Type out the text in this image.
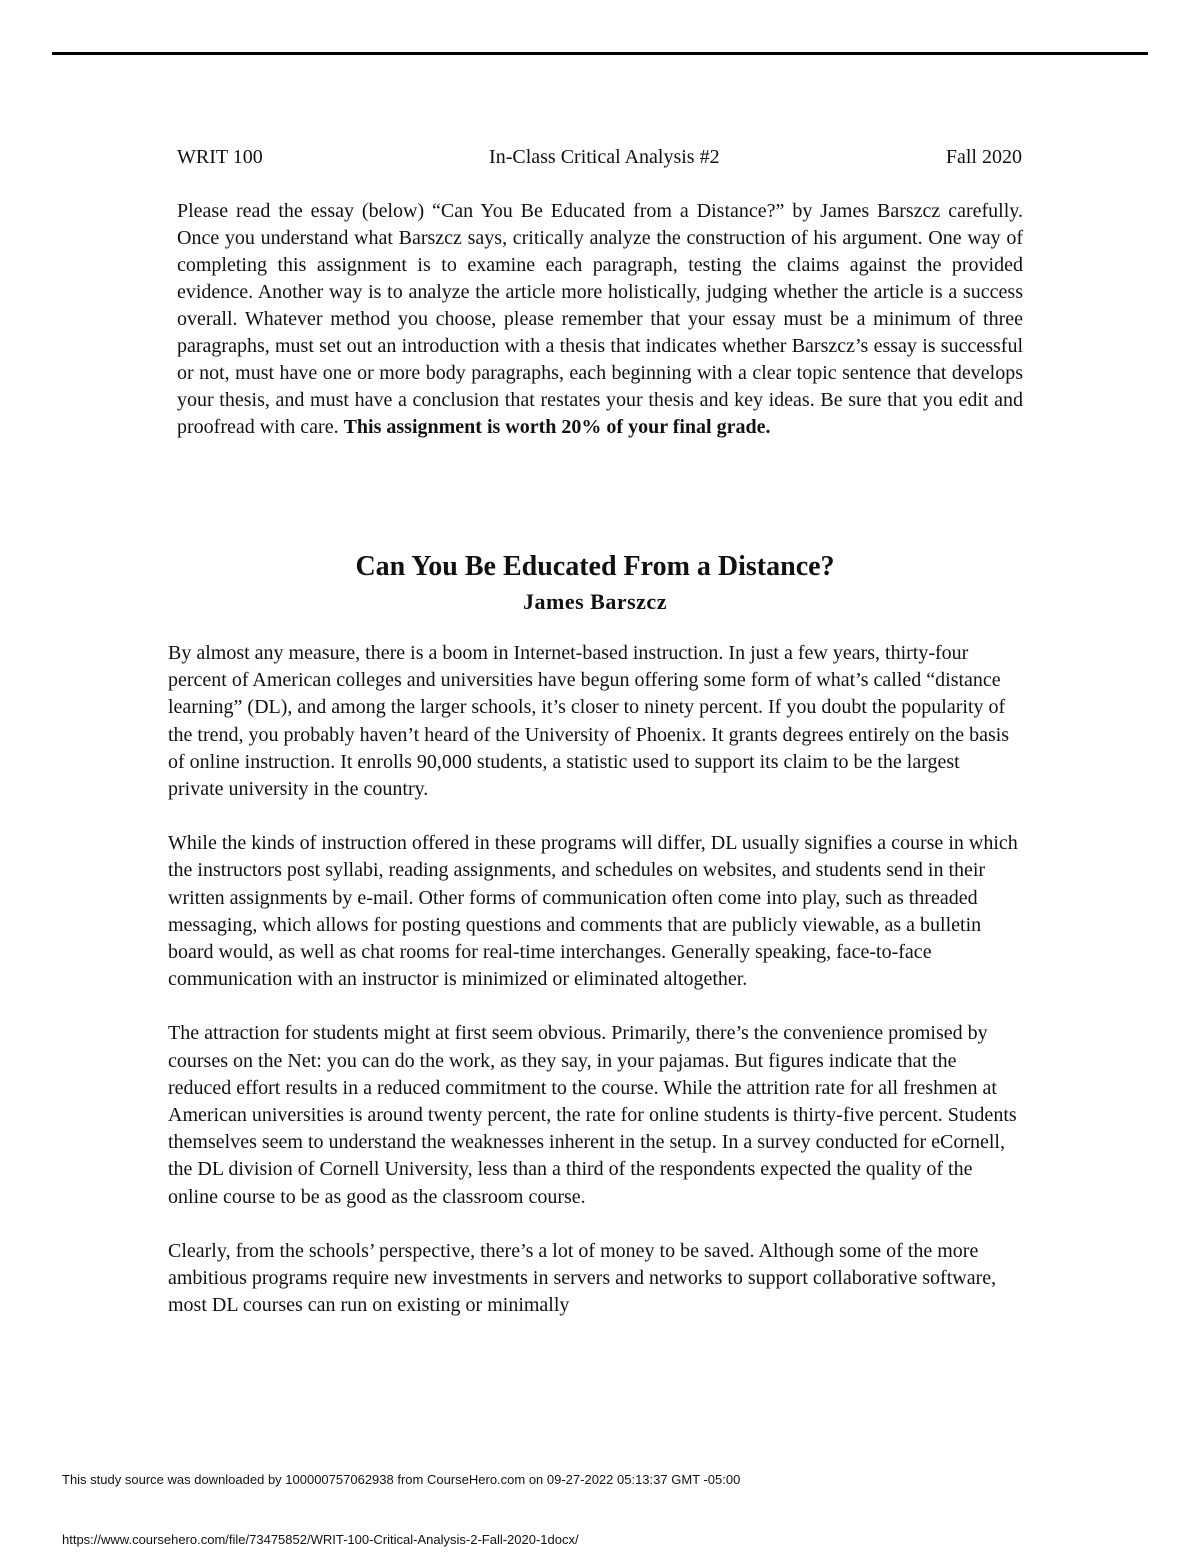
WRIT 100	In-Class Critical Analysis #2	Fall 2020

Please read the essay (below) “Can You Be Educated from a Distance?” by James Barszcz carefully. Once you understand what Barszcz says, critically analyze the construction of his argument. One way of completing this assignment is to examine each paragraph, testing the claims against the provided evidence. Another way is to analyze the article more holistically, judging whether the article is a success overall. Whatever method you choose, please remember that your essay must be a minimum of three paragraphs, must set out an introduction with a thesis that indicates whether Barszcz’s essay is successful or not, must have one or more body paragraphs, each beginning with a clear topic sentence that develops your thesis, and must have a conclusion that restates your thesis and key ideas. Be sure that you edit and proofread with care. This assignment is worth 20% of your final grade.

Can You Be Educated From a Distance?
James Barszcz

By almost any measure, there is a boom in Internet-based instruction. In just a few years, thirty-four percent of American colleges and universities have begun offering some form of what’s called “distance learning” (DL), and among the larger schools, it’s closer to ninety percent. If you doubt the popularity of the trend, you probably haven’t heard of the University of Phoenix. It grants degrees entirely on the basis of online instruction. It enrolls 90,000 students, a statistic used to support its claim to be the largest private university in the country.

While the kinds of instruction offered in these programs will differ, DL usually signifies a course in which the instructors post syllabi, reading assignments, and schedules on websites, and students send in their written assignments by e-mail. Other forms of communication often come into play, such as threaded messaging, which allows for posting questions and comments that are publicly viewable, as a bulletin board would, as well as chat rooms for real-time interchanges. Generally speaking, face-to-face communication with an instructor is minimized or eliminated altogether.

The attraction for students might at first seem obvious. Primarily, there’s the convenience promised by courses on the Net: you can do the work, as they say, in your pajamas. But figures indicate that the reduced effort results in a reduced commitment to the course. While the attrition rate for all freshmen at American universities is around twenty percent, the rate for online students is thirty-five percent. Students themselves seem to understand the weaknesses inherent in the setup. In a survey conducted for eCornell, the DL division of Cornell University, less than a third of the respondents expected the quality of the online course to be as good as the classroom course.

Clearly, from the schools’ perspective, there’s a lot of money to be saved. Although some of the more ambitious programs require new investments in servers and networks to support collaborative software, most DL courses can run on existing or minimally

This study source was downloaded by 100000757062938 from CourseHero.com on 09-27-2022 05:13:37 GMT -05:00
https://www.coursehero.com/file/73475852/WRIT-100-Critical-Analysis-2-Fall-2020-1docx/
